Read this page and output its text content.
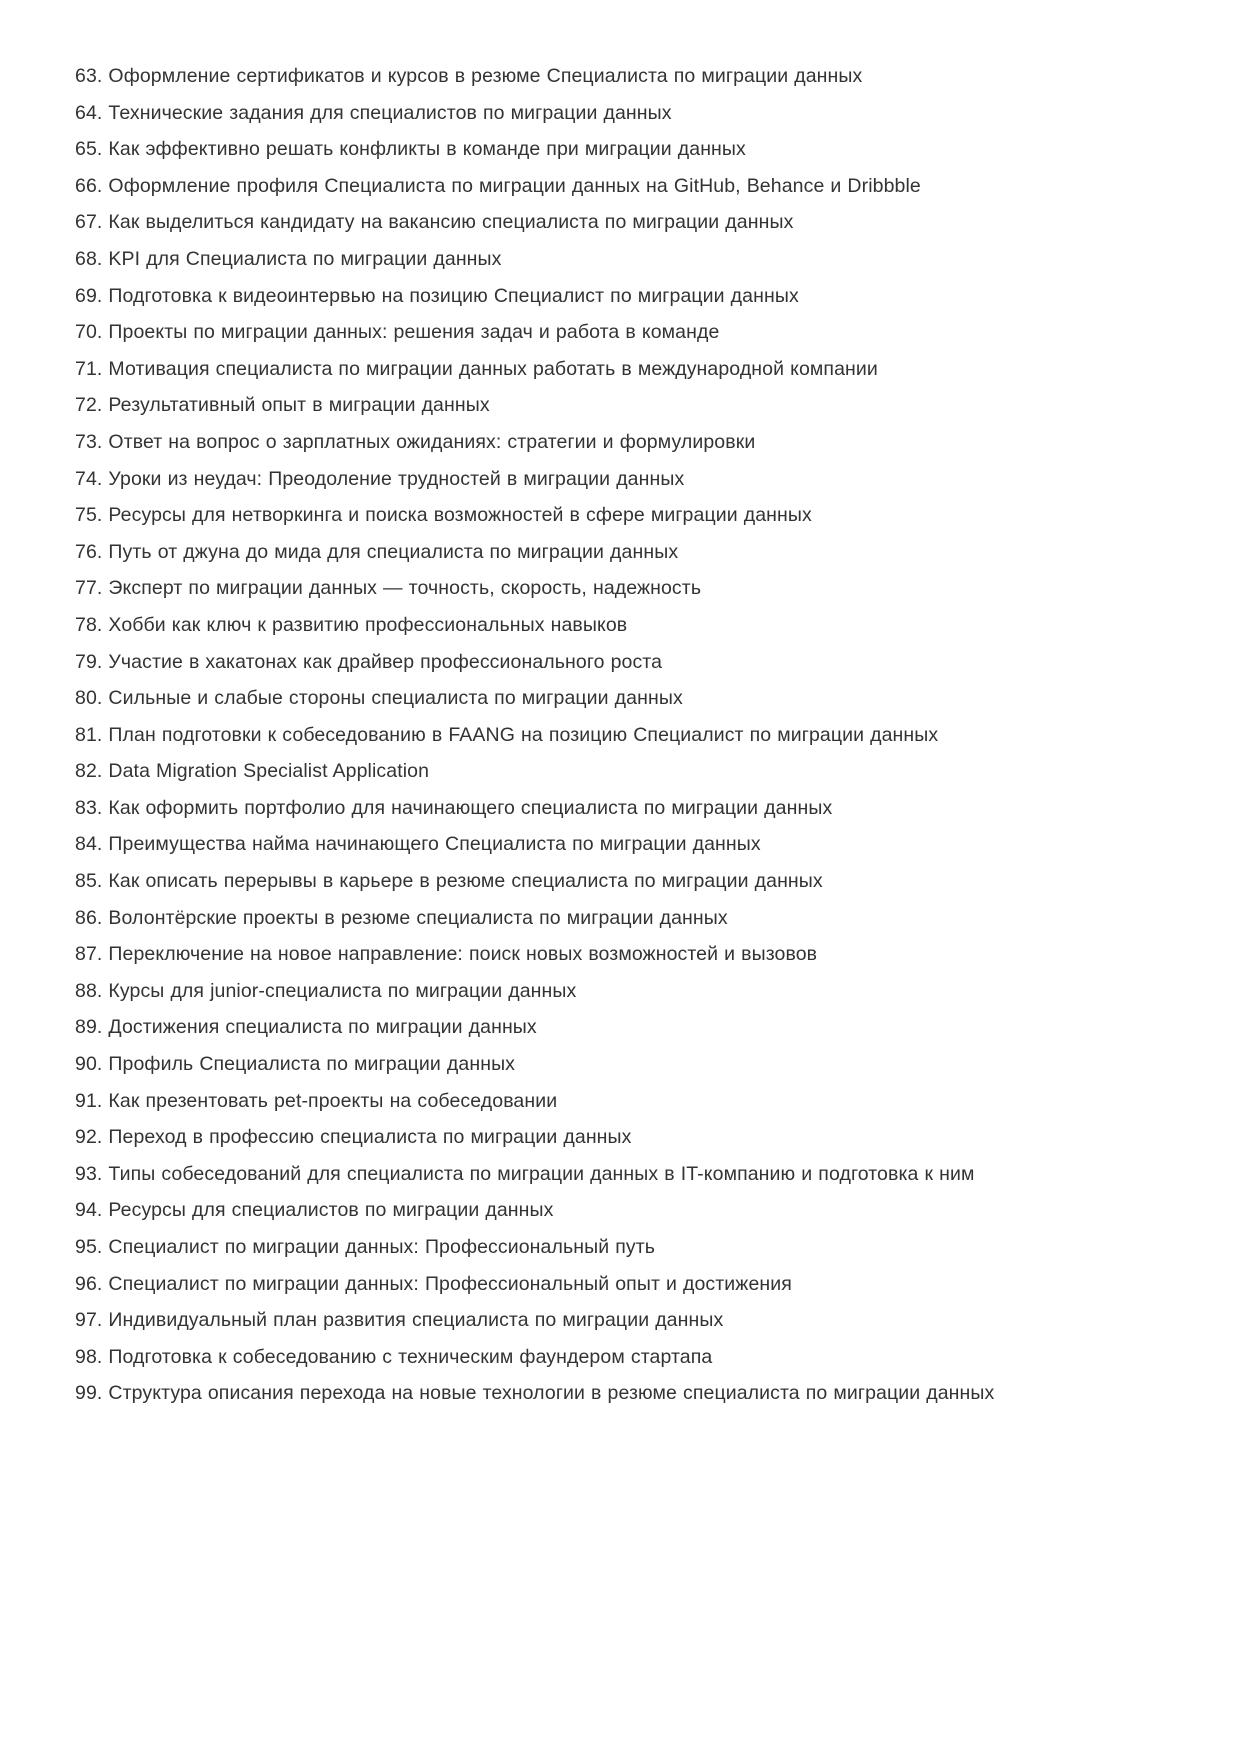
63. Оформление сертификатов и курсов в резюме Специалиста по миграции данных
64. Технические задания для специалистов по миграции данных
65. Как эффективно решать конфликты в команде при миграции данных
66. Оформление профиля Специалиста по миграции данных на GitHub, Behance и Dribbble
67. Как выделиться кандидату на вакансию специалиста по миграции данных
68. KPI для Специалиста по миграции данных
69. Подготовка к видеоинтервью на позицию Специалист по миграции данных
70. Проекты по миграции данных: решения задач и работа в команде
71. Мотивация специалиста по миграции данных работать в международной компании
72. Результативный опыт в миграции данных
73. Ответ на вопрос о зарплатных ожиданиях: стратегии и формулировки
74. Уроки из неудач: Преодоление трудностей в миграции данных
75. Ресурсы для нетворкинга и поиска возможностей в сфере миграции данных
76. Путь от джуна до мида для специалиста по миграции данных
77. Эксперт по миграции данных — точность, скорость, надежность
78. Хобби как ключ к развитию профессиональных навыков
79. Участие в хакатонах как драйвер профессионального роста
80. Сильные и слабые стороны специалиста по миграции данных
81. План подготовки к собеседованию в FAANG на позицию Специалист по миграции данных
82. Data Migration Specialist Application
83. Как оформить портфолио для начинающего специалиста по миграции данных
84. Преимущества найма начинающего Специалиста по миграции данных
85. Как описать перерывы в карьере в резюме специалиста по миграции данных
86. Волонтёрские проекты в резюме специалиста по миграции данных
87. Переключение на новое направление: поиск новых возможностей и вызовов
88. Курсы для junior-специалиста по миграции данных
89. Достижения специалиста по миграции данных
90. Профиль Специалиста по миграции данных
91. Как презентовать pet-проекты на собеседовании
92. Переход в профессию специалиста по миграции данных
93. Типы собеседований для специалиста по миграции данных в IT-компанию и подготовка к ним
94. Ресурсы для специалистов по миграции данных
95. Специалист по миграции данных: Профессиональный путь
96. Специалист по миграции данных: Профессиональный опыт и достижения
97. Индивидуальный план развития специалиста по миграции данных
98. Подготовка к собеседованию с техническим фаундером стартапа
99. Структура описания перехода на новые технологии в резюме специалиста по миграции данных
